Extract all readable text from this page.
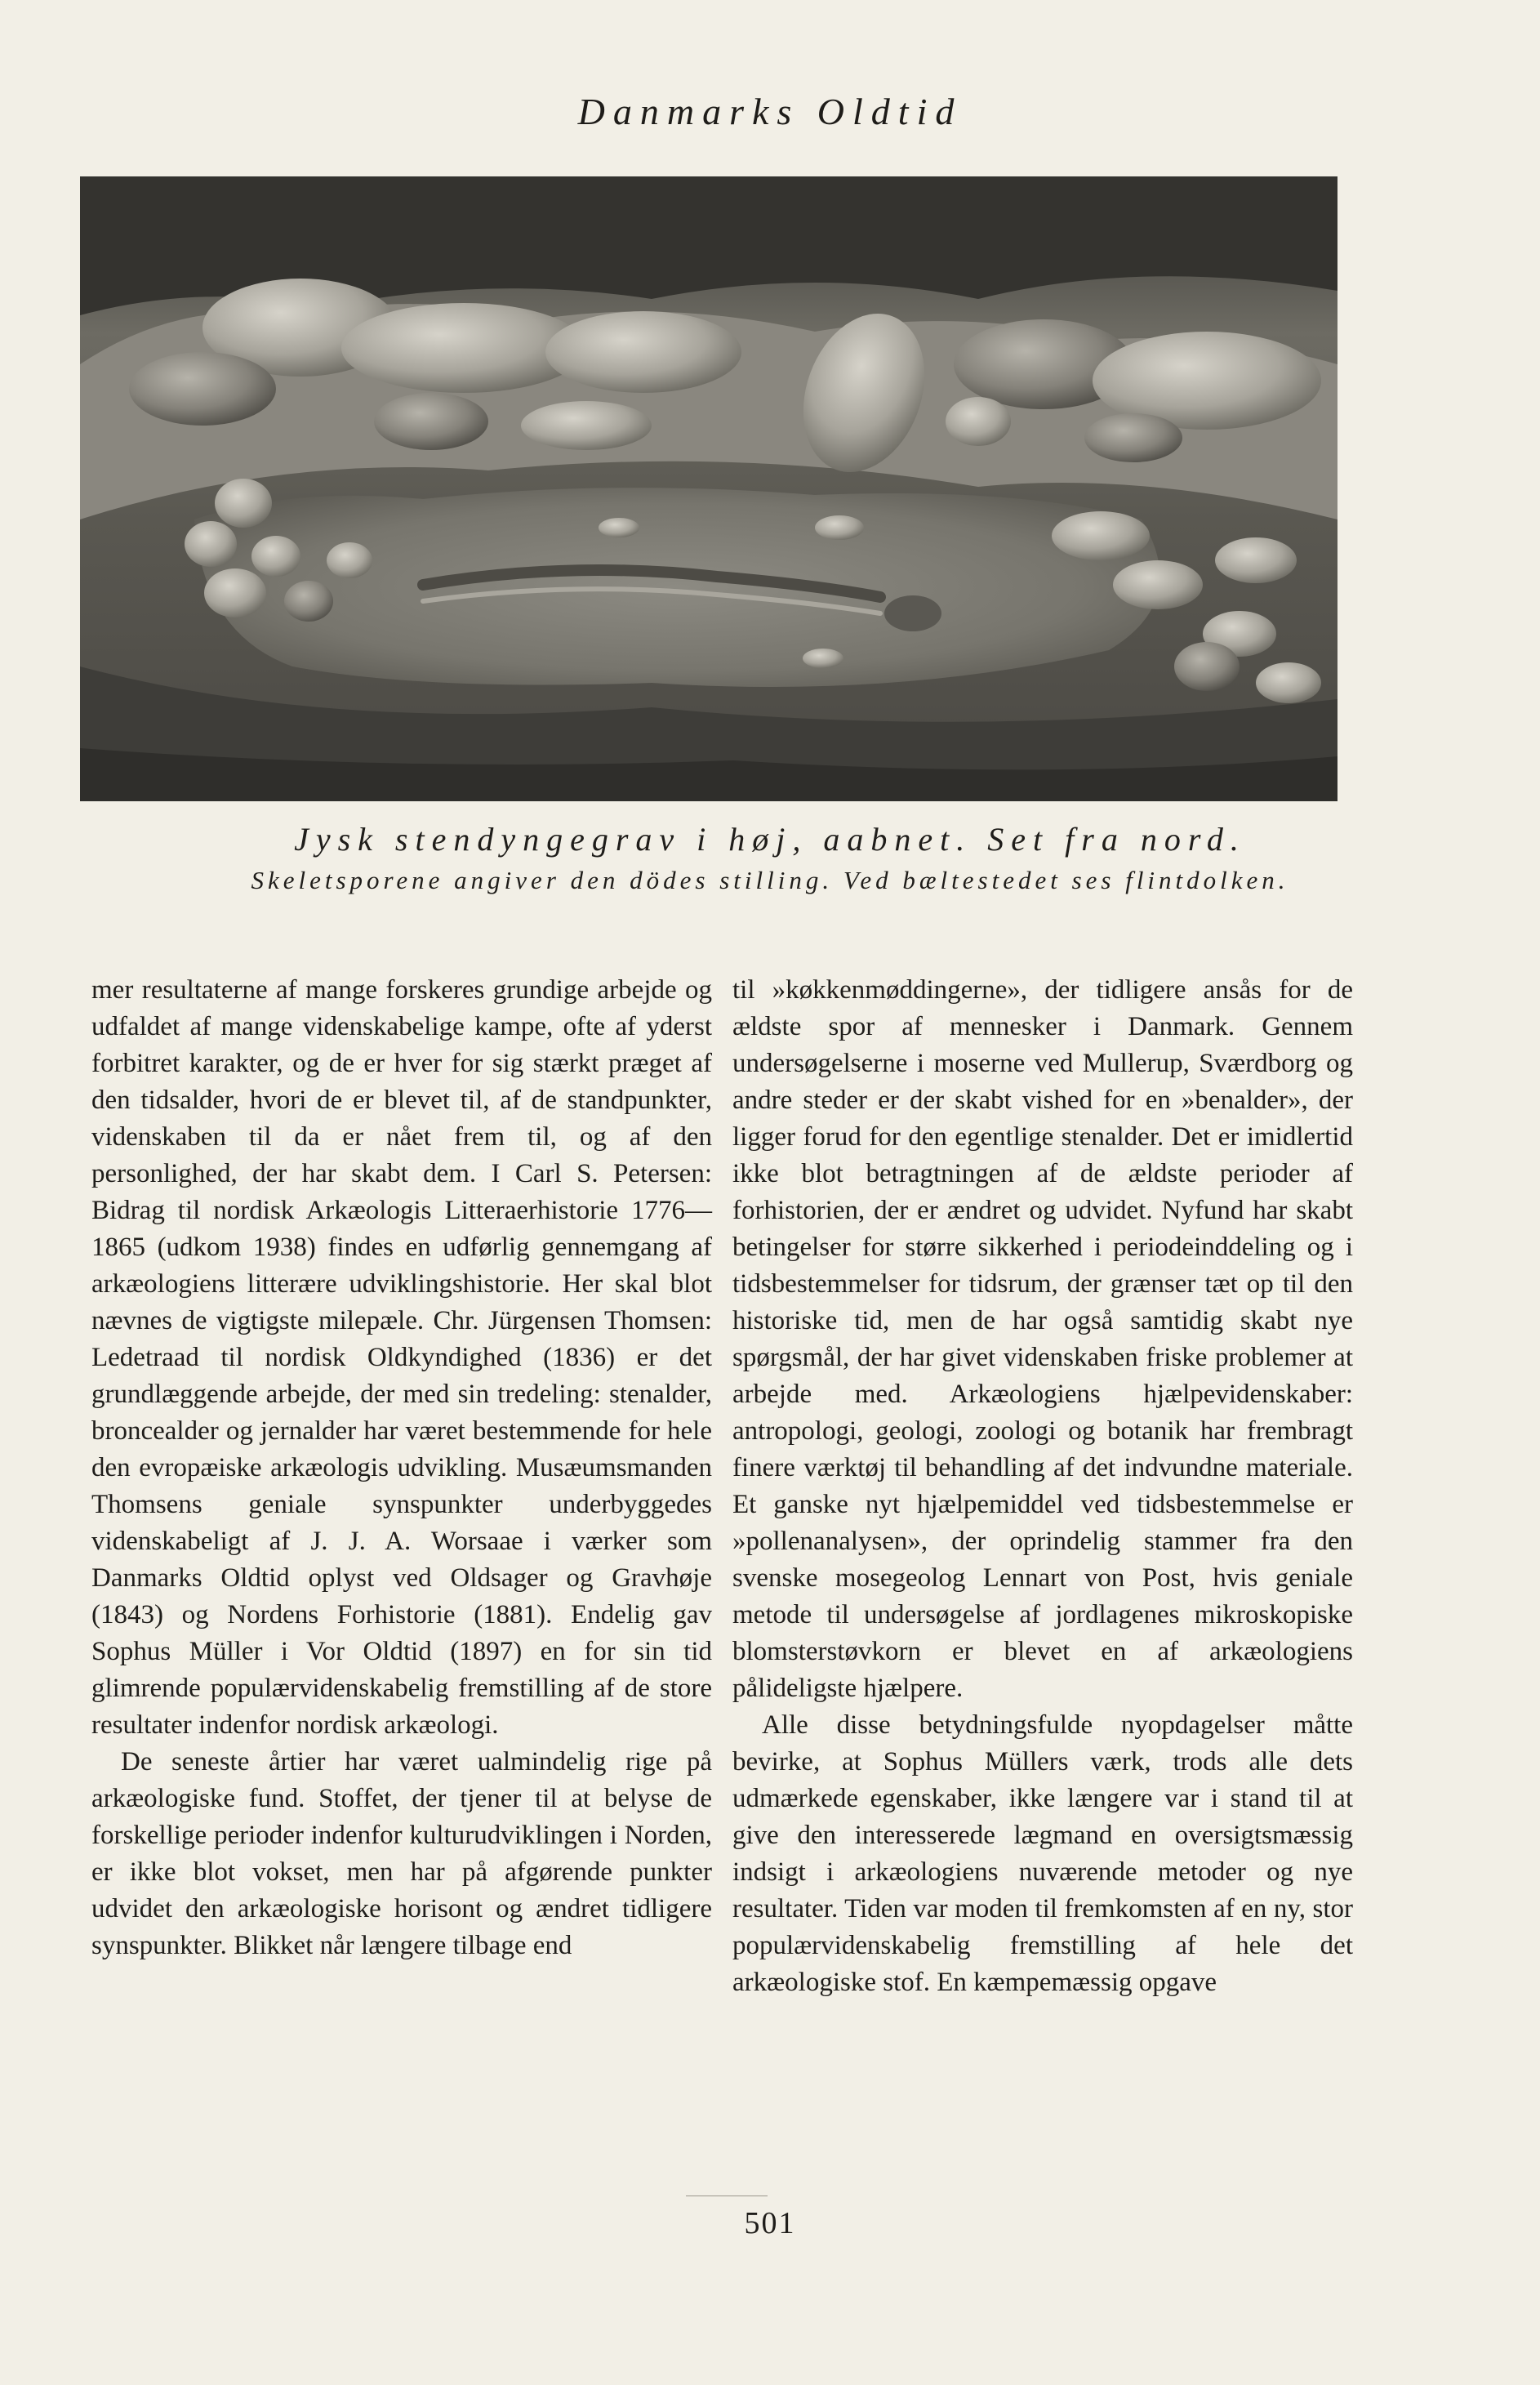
Danmarks Oldtid
Jysk stendyngegrav i høj, aabnet. Set fra nord.
Skeletsporene angiver den dödes stilling. Ved bæltestedet ses flintdolken.

mer resultaterne af mange forskeres grundige arbejde og udfaldet af mange videnskabelige kampe, ofte af yderst forbitret karakter, og de er hver for sig stærkt præget af den tidsalder, hvori de er blevet til, af de standpunkter, videnskaben til da er nået frem til, og af den personlighed, der har skabt dem. I Carl S. Petersen: Bidrag til nordisk Arkæologis Litteraerhistorie 1776—1865 (udkom 1938) findes en udførlig gennemgang af arkæologiens litterære udviklingshistorie. Her skal blot nævnes de vigtigste milepæle. Chr. Jürgensen Thomsen: Ledetraad til nordisk Oldkyndighed (1836) er det grundlæggende arbejde, der med sin tredeling: stenalder, broncealder og jernalder har været bestemmende for hele den evropæiske arkæologis udvikling. Musæumsmanden Thomsens geniale synspunkter underbyggedes videnskabeligt af J. J. A. Worsaae i værker som Danmarks Oldtid oplyst ved Oldsager og Gravhøje (1843) og Nordens Forhistorie (1881). Endelig gav Sophus Müller i Vor Oldtid (1897) en for sin tid glimrende populærvidenskabelig fremstilling af de store resultater indenfor nordisk arkæologi.

De seneste årtier har været ualmindelig rige på arkæologiske fund. Stoffet, der tjener til at belyse de forskellige perioder indenfor kulturudviklingen i Norden, er ikke blot vokset, men har på afgørende punkter udvidet den arkæologiske horisont og ændret tidligere synspunkter. Blikket når længere tilbage end

til »køkkenmøddingerne», der tidligere ansås for de ældste spor af mennesker i Danmark. Gennem undersøgelserne i moserne ved Mullerup, Sværdborg og andre steder er der skabt vished for en »benalder», der ligger forud for den egentlige stenalder. Det er imidlertid ikke blot betragtningen af de ældste perioder af forhistorien, der er ændret og udvidet. Nyfund har skabt betingelser for større sikkerhed i periodeinddeling og i tidsbestemmelser for tidsrum, der grænser tæt op til den historiske tid, men de har også samtidig skabt nye spørgsmål, der har givet videnskaben friske problemer at arbejde med. Arkæologiens hjælpevidenskaber: antropologi, geologi, zoologi og botanik har frembragt finere værktøj til behandling af det indvundne materiale. Et ganske nyt hjælpemiddel ved tidsbestemmelse er »pollenanalysen», der oprindelig stammer fra den svenske mosegeolog Lennart von Post, hvis geniale metode til undersøgelse af jordlagenes mikroskopiske blomsterstøvkorn er blevet en af arkæologiens pålideligste hjælpere.

Alle disse betydningsfulde nyopdagelser måtte bevirke, at Sophus Müllers værk, trods alle dets udmærkede egenskaber, ikke længere var i stand til at give den interesserede lægmand en oversigtsmæssig indsigt i arkæologiens nuværende metoder og nye resultater. Tiden var moden til fremkomsten af en ny, stor populærvidenskabelig fremstilling af hele det arkæologiske stof. En kæmpemæssig opgave

501
